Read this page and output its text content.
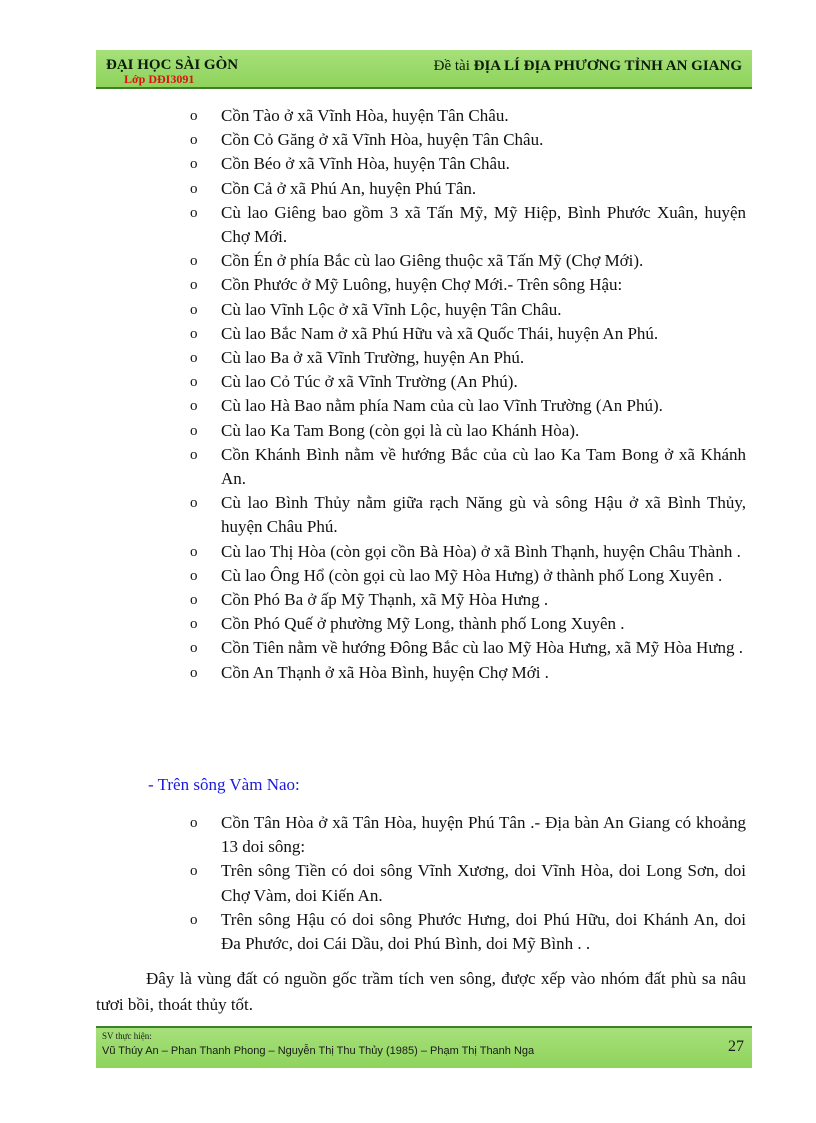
ĐẠI HỌC SÀI GÒN
Lớp DĐI3091
Đề tài ĐỊA LÍ ĐỊA PHƯƠNG TỈNH AN GIANG
o	Cồn Tào ở xã Vĩnh Hòa, huyện Tân Châu.
o	Cồn Cỏ Găng ở xã Vĩnh Hòa, huyện Tân Châu.
o	Cồn Béo ở xã Vĩnh Hòa, huyện Tân Châu.
o	Cồn Cả ở xã Phú An, huyện Phú Tân.
o	Cù lao Giêng bao gồm 3 xã Tấn Mỹ, Mỹ Hiệp, Bình Phước Xuân, huyện Chợ Mới.
o	Cồn Én ở phía Bắc cù lao Giêng thuộc xã Tấn Mỹ (Chợ Mới).
o	Cồn Phước ở Mỹ Luông, huyện Chợ Mới.- Trên sông Hậu:
o	Cù lao Vĩnh Lộc ở xã Vĩnh Lộc, huyện Tân Châu.
o	Cù lao Bắc Nam ở xã Phú Hữu và xã Quốc Thái, huyện An Phú.
o	Cù lao Ba ở xã Vĩnh Trường, huyện An Phú.
o	Cù lao Cỏ Túc ở xã Vĩnh Trường (An Phú).
o	Cù lao Hà Bao nằm phía Nam của cù lao Vĩnh Trường (An Phú).
o	Cù lao Ka Tam Bong (còn gọi là cù lao Khánh Hòa).
o	Cồn Khánh Bình nằm về hướng Bắc của cù lao Ka Tam Bong ở xã Khánh An.
o	Cù lao Bình Thủy nằm giữa rạch Năng gù và sông Hậu ở xã Bình Thủy, huyện Châu Phú.
o	Cù lao Thị Hòa (còn gọi cồn Bà Hòa) ở xã Bình Thạnh, huyện Châu Thành .
o	Cù lao Ông Hổ (còn gọi cù lao Mỹ Hòa Hưng) ở thành phố Long Xuyên .
o	Cồn Phó Ba ở ấp Mỹ Thạnh, xã Mỹ Hòa Hưng .
o	Cồn Phó Quế ở phường Mỹ Long, thành phố Long Xuyên .
o	Cồn Tiên nằm về hướng Đông Bắc cù lao Mỹ Hòa Hưng, xã Mỹ Hòa Hưng .
o	Cồn An Thạnh ở xã Hòa Bình, huyện Chợ Mới .
- Trên sông Vàm Nao:
o	Cồn Tân Hòa ở xã Tân Hòa, huyện Phú Tân .- Địa bàn An Giang có khoảng 13 doi sông:
o	Trên sông Tiền có doi sông Vĩnh Xương, doi Vĩnh Hòa, doi Long Sơn, doi Chợ Vàm, doi Kiến An.
o	Trên sông Hậu có doi sông Phước Hưng, doi Phú Hữu, doi Khánh An, doi Đa Phước, doi Cái Dầu, doi Phú Bình, doi Mỹ Bình . .
Đây là vùng đất có nguồn gốc trầm tích ven sông, được xếp vào nhóm đất phù sa nâu tươi bồi, thoát thủy tốt.
SV thực hiện:
Vũ Thúy An – Phan Thanh Phong – Nguyễn Thị Thu Thủy (1985) – Phạm Thị Thanh Nga	27
